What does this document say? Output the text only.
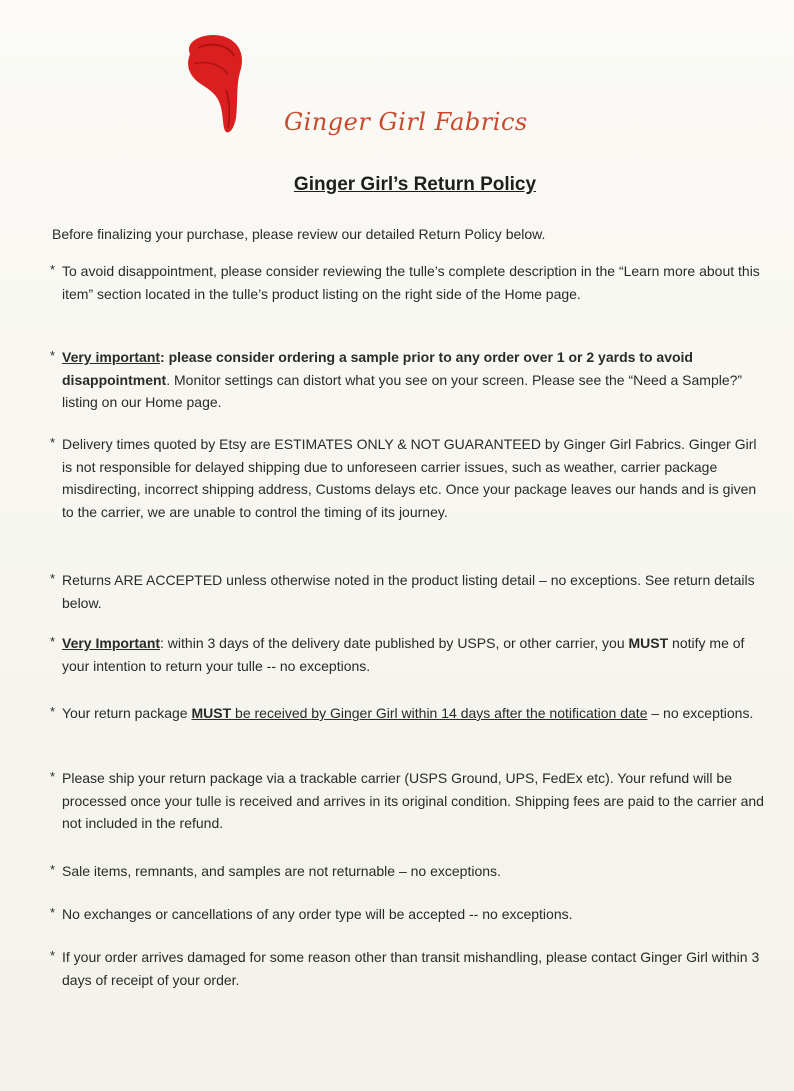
Ginger Girl Fabrics
Ginger Girl’s Return Policy
Before finalizing your purchase, please review our detailed Return Policy below.
* To avoid disappointment, please consider reviewing the tulle’s complete description in the “Learn more about this item” section located in the tulle’s product listing on the right side of the Home page.
* Very important: please consider ordering a sample prior to any order over 1 or 2 yards to avoid disappointment. Monitor settings can distort what you see on your screen. Please see the “Need a Sample?” listing on our Home page.
* Delivery times quoted by Etsy are ESTIMATES ONLY & NOT GUARANTEED by Ginger Girl Fabrics. Ginger Girl is not responsible for delayed shipping due to unforeseen carrier issues, such as weather, carrier package misdirecting, incorrect shipping address, Customs delays etc. Once your package leaves our hands and is given to the carrier, we are unable to control the timing of its journey.
* Returns ARE ACCEPTED unless otherwise noted in the product listing detail – no exceptions. See return details below.
* Very Important: within 3 days of the delivery date published by USPS, or other carrier, you MUST notify me of your intention to return your tulle -- no exceptions.
* Your return package MUST be received by Ginger Girl within 14 days after the notification date – no exceptions.
* Please ship your return package via a trackable carrier (USPS Ground, UPS, FedEx etc). Your refund will be processed once your tulle is received and arrives in its original condition. Shipping fees are paid to the carrier and not included in the refund.
* Sale items, remnants, and samples are not returnable – no exceptions.
* No exchanges or cancellations of any order type will be accepted -- no exceptions.
* If your order arrives damaged for some reason other than transit mishandling, please contact Ginger Girl within 3 days of receipt of your order.
